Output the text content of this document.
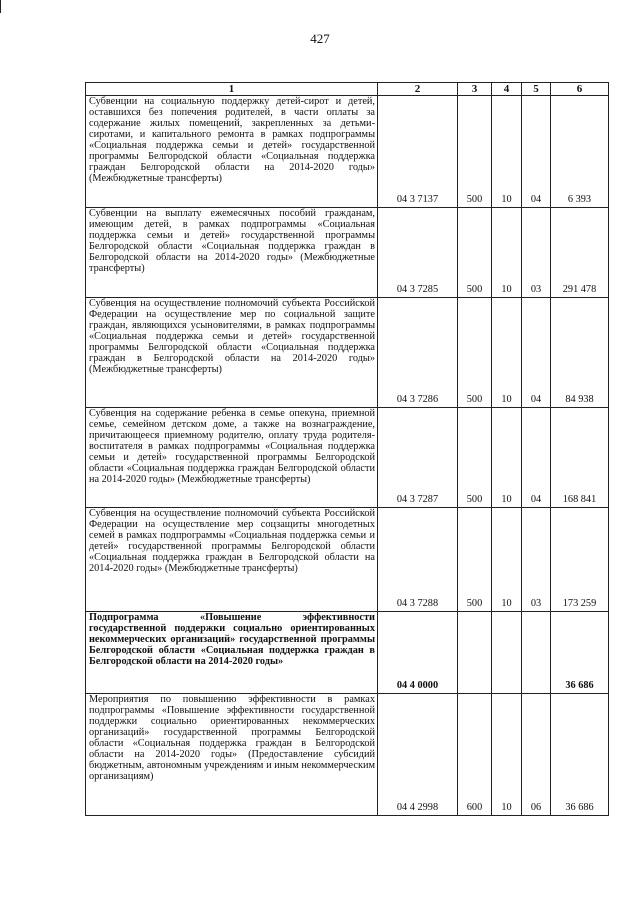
427
1	2	3	4	5	6
Субвенции на социальную поддержку детей-сирот и детей, оставшихся без попечения родителей, в части оплаты за содержание жилых помещений, закрепленных за детьми-сиротами, и капитального ремонта в рамках подпрограммы «Социальная поддержка семьи и детей» государственной программы Белгородской области «Социальная поддержка граждан Белгородской области на 2014-2020 годы» (Межбюджетные трансферты)	04 3 7137	500	10	04	6 393
Субвенции на выплату ежемесячных пособий гражданам, имеющим детей, в рамках подпрограммы «Социальная поддержка семьи и детей» государственной программы Белгородской области «Социальная поддержка граждан в Белгородской области на 2014-2020 годы» (Межбюджетные трансферты)	04 3 7285	500	10	03	291 478
Субвенция на осуществление полномочий субъекта Российской Федерации на осуществление мер по социальной защите граждан, являющихся усыновителями, в рамках подпрограммы «Социальная поддержка семьи и детей» государственной программы Белгородской области «Социальная поддержка граждан в Белгородской области на 2014-2020 годы» (Межбюджетные трансферты)	04 3 7286	500	10	04	84 938
Субвенция на содержание ребенка в семье опекуна, приемной семье, семейном детском доме, а также на вознаграждение, причитающееся приемному родителю, оплату труда родителя-воспитателя в рамках подпрограммы «Социальная поддержка семьи и детей» государственной программы Белгородской области «Социальная поддержка граждан Белгородской области на 2014-2020 годы» (Межбюджетные трансферты)	04 3 7287	500	10	04	168 841
Субвенция на осуществление полномочий субъекта Российской Федерации на осуществление мер соцзащиты многодетных семей в рамках подпрограммы «Социальная поддержка семьи и детей» государственной программы Белгородской области «Социальная поддержка граждан в Белгородской области на 2014-2020 годы» (Межбюджетные трансферты)	04 3 7288	500	10	03	173 259
Подпрограмма «Повышение эффективности государственной поддержки социально ориентированных некоммерческих организаций» государственной программы Белгородской области «Социальная поддержка граждан в Белгородской области на 2014-2020 годы»	04 4 0000				36 686
Мероприятия по повышению эффективности в рамках подпрограммы «Повышение эффективности государственной поддержки социально ориентированных некоммерческих организаций» государственной программы Белгородской области «Социальная поддержка граждан в Белгородской области на 2014-2020 годы» (Предоставление субсидий бюджетным, автономным учреждениям и иным некоммерческим организациям)	04 4 2998	600	10	06	36 686
